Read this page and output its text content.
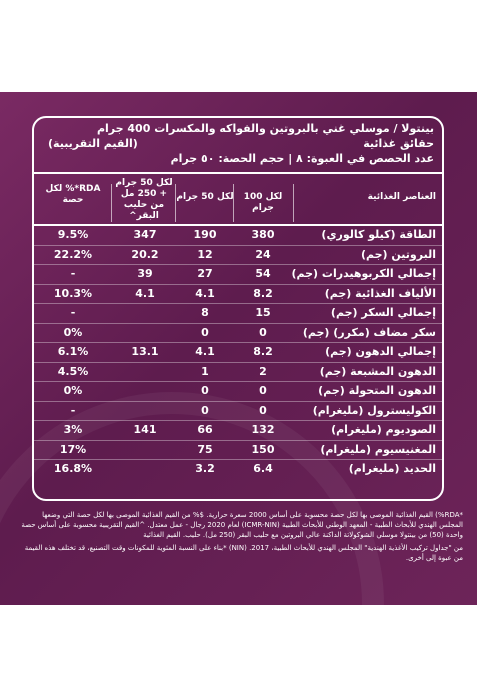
بينتولا / موسلي غني بالبروتين والفواكه والمكسرات 400 جرام
حقائق غذائية
(القيم التقريبية)
عدد الحصص في العبوة: ٨ | حجم الحصة: ٥٠ جرام
العناصر الغذائية
لكل 100 جرام
لكل 50 جرام
لكل 50 جرام + 250 مل من حليب البقر^
RDA*% لكل حصة
الطاقة (كيلو كالوري)
380
190
347
9.5%
البروتين (جم)
24
12
20.2
22.2%
إجمالي الكربوهيدرات (جم)
54
27
39
-
الألياف الغذائية (جم)
8.2
4.1
4.1
10.3%
إجمالي السكر (جم)
15
8
-
سكر مضاف (مكرر) (جم)
0
0
0%
إجمالي الدهون (جم)
8.2
4.1
13.1
6.1%
الدهون المشبعة (جم)
2
1
4.5%
الدهون المتحولة (جم)
0
0
0%
الكوليسترول (مليغرام)
0
0
-
الصوديوم (مليغرام)
132
66
141
3%
المغنيسيوم (مليغرام)
150
75
17%
الحديد (مليغرام)
6.4
3.2
16.8%

*RDA%) القيم الغذائية الموصى بها لكل حصة محسوبة على أساس 2000 سعرة حرارية. $% من القيم الغذائية الموصى بها لكل حصة التي وضعها المجلس الهندي للأبحاث الطبية - المعهد الوطني للأبحاث الطبية (ICMR-NIN) لعام 2020 رجال - عمل معتدل. ^القيم التقريبية محسوبة على أساس حصة واحدة (50) من بينتولا موسلي الشوكولاتة الداكنة عالي البروتين مع حليب البقر (250 مل). حليب. القيم الغذائية

من "جداول تركيب الأغذية الهندية" المجلس الهندي للأبحاث الطبية، 2017. (NIN) *بناء على النسبة المئوية للمكونات وقت التصنيع، قد تختلف هذه القيمة من عبوة إلى أخرى.
